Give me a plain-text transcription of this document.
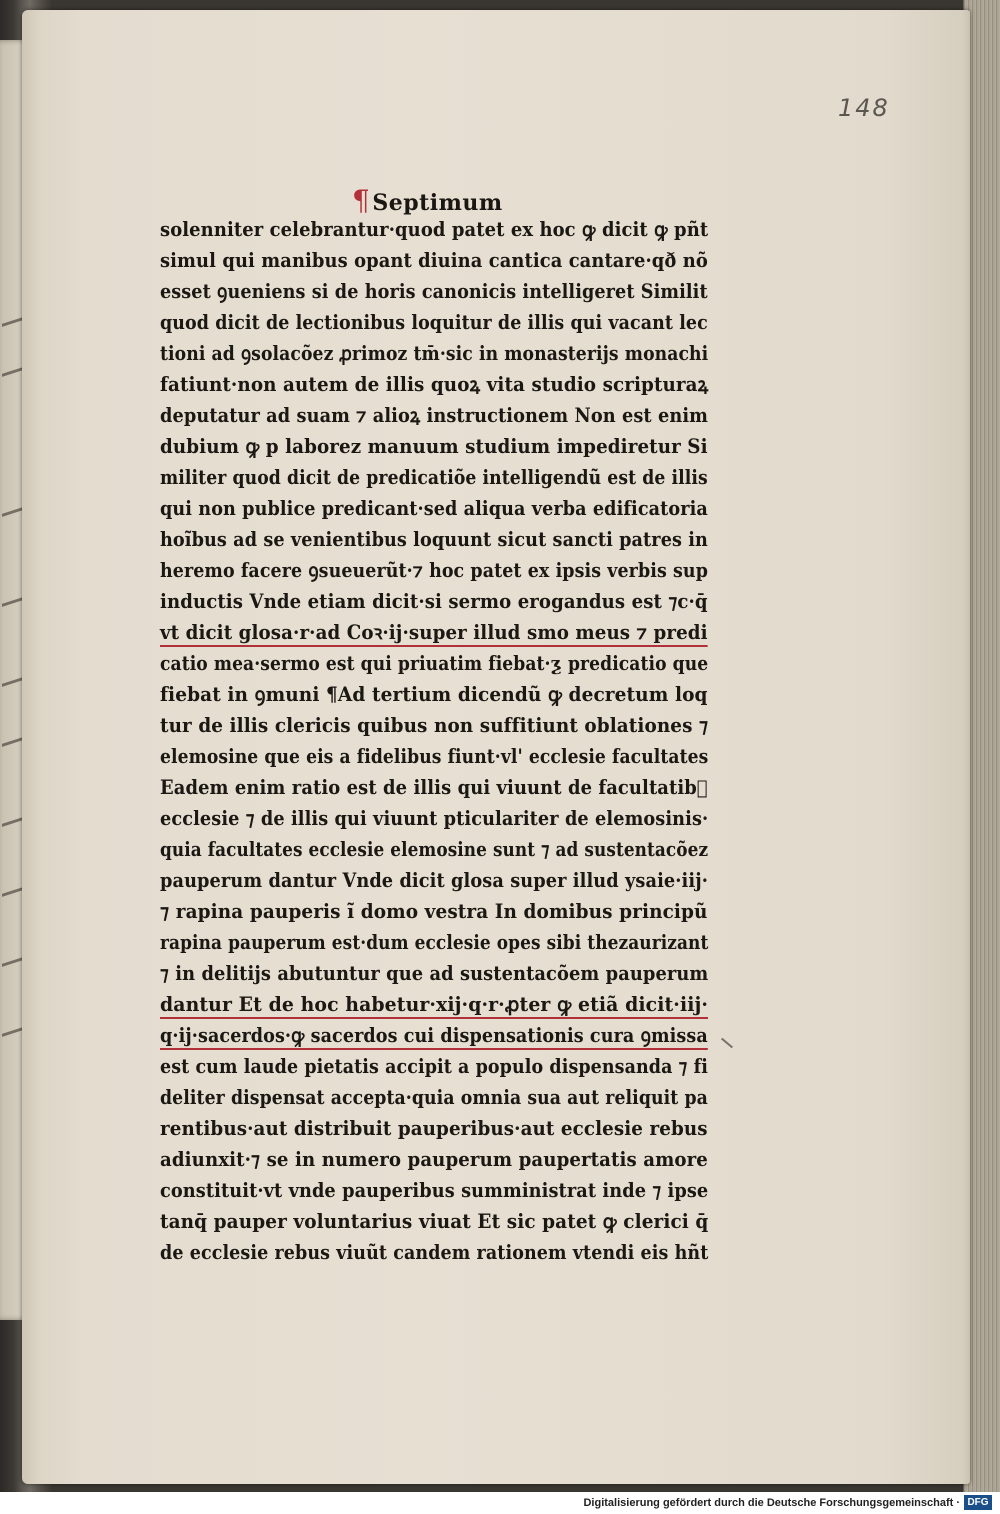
148
¶Septimum
solenniter celebrantur·quod patet ex hoc ꝙ dicit ꝙ pñt
simul qui manibus opant diuina cantica cantare·qð nõ
esset ꝯueniens si de horis canonicis intelligeret Similit
quod dicit de lectionibus loquitur de illis qui vacant lec
tioni ad ꝯsolacõez ꝓrimoz tm̄·sic in monasterijs monachi
fatiunt·non autem de illis quoꝝ vita studio scripturaꝝ
deputatur ad suam ⁊ alioꝝ instructionem Non est enim
dubium ꝙ p laborez manuum studium impediretur Si
militer quod dicit de predicatiõe intelligendũ est de illis
qui non publice predicant·sed aliqua verba edificatoria
hoĩbus ad se venientibus loquunt sicut sancti patres in
heremo facere ꝯsueuerũt·⁊ hoc patet ex ipsis verbis sup
inductis Vnde etiam dicit·si sermo erogandus est ⁊c·q̄
vt dicit glosa·r·ad Coꝛ·ij·super illud smo meus ⁊ predi
catio mea·sermo est qui priuatim fiebat·ƺ predicatio que
fiebat in ꝯmuni ¶Ad tertium dicendũ ꝙ decretum loq
tur de illis clericis quibus non suffitiunt oblationes ⁊
elemosine que eis a fidelibus fiunt·vl' ecclesie facultates
Eadem enim ratio est de illis qui viuunt de facultatib᷑
ecclesie ⁊ de illis qui viuunt pticulariter de elemosinis·
quia facultates ecclesie elemosine sunt ⁊ ad sustentacõez
pauperum dantur Vnde dicit glosa super illud ysaie·iij·
⁊ rapina pauperis ĩ domo vestra In domibus principũ
rapina pauperum est·dum ecclesie opes sibi thezaurizant
⁊ in delitijs abutuntur que ad sustentacõem pauperum
dantur Et de hoc habetur·xij·q·r·ꝓter ꝙ etiã dicit·iij·
q·ij·sacerdos·ꝙ sacerdos cui dispensationis cura ꝯmissa
est cum laude pietatis accipit a populo dispensanda ⁊ fi
deliter dispensat accepta·quia omnia sua aut reliquit pa
rentibus·aut distribuit pauperibus·aut ecclesie rebus
adiunxit·⁊ se in numero pauperum paupertatis amore
constituit·vt vnde pauperibus sumministrat inde ⁊ ipse
tanq̄ pauper voluntarius viuat Et sic patet ꝙ clerici q̄
de ecclesie rebus viuũt candem rationem vtendi eis hñt
Digitalisierung gefördert durch die Deutsche Forschungsgemeinschaft · DFG
